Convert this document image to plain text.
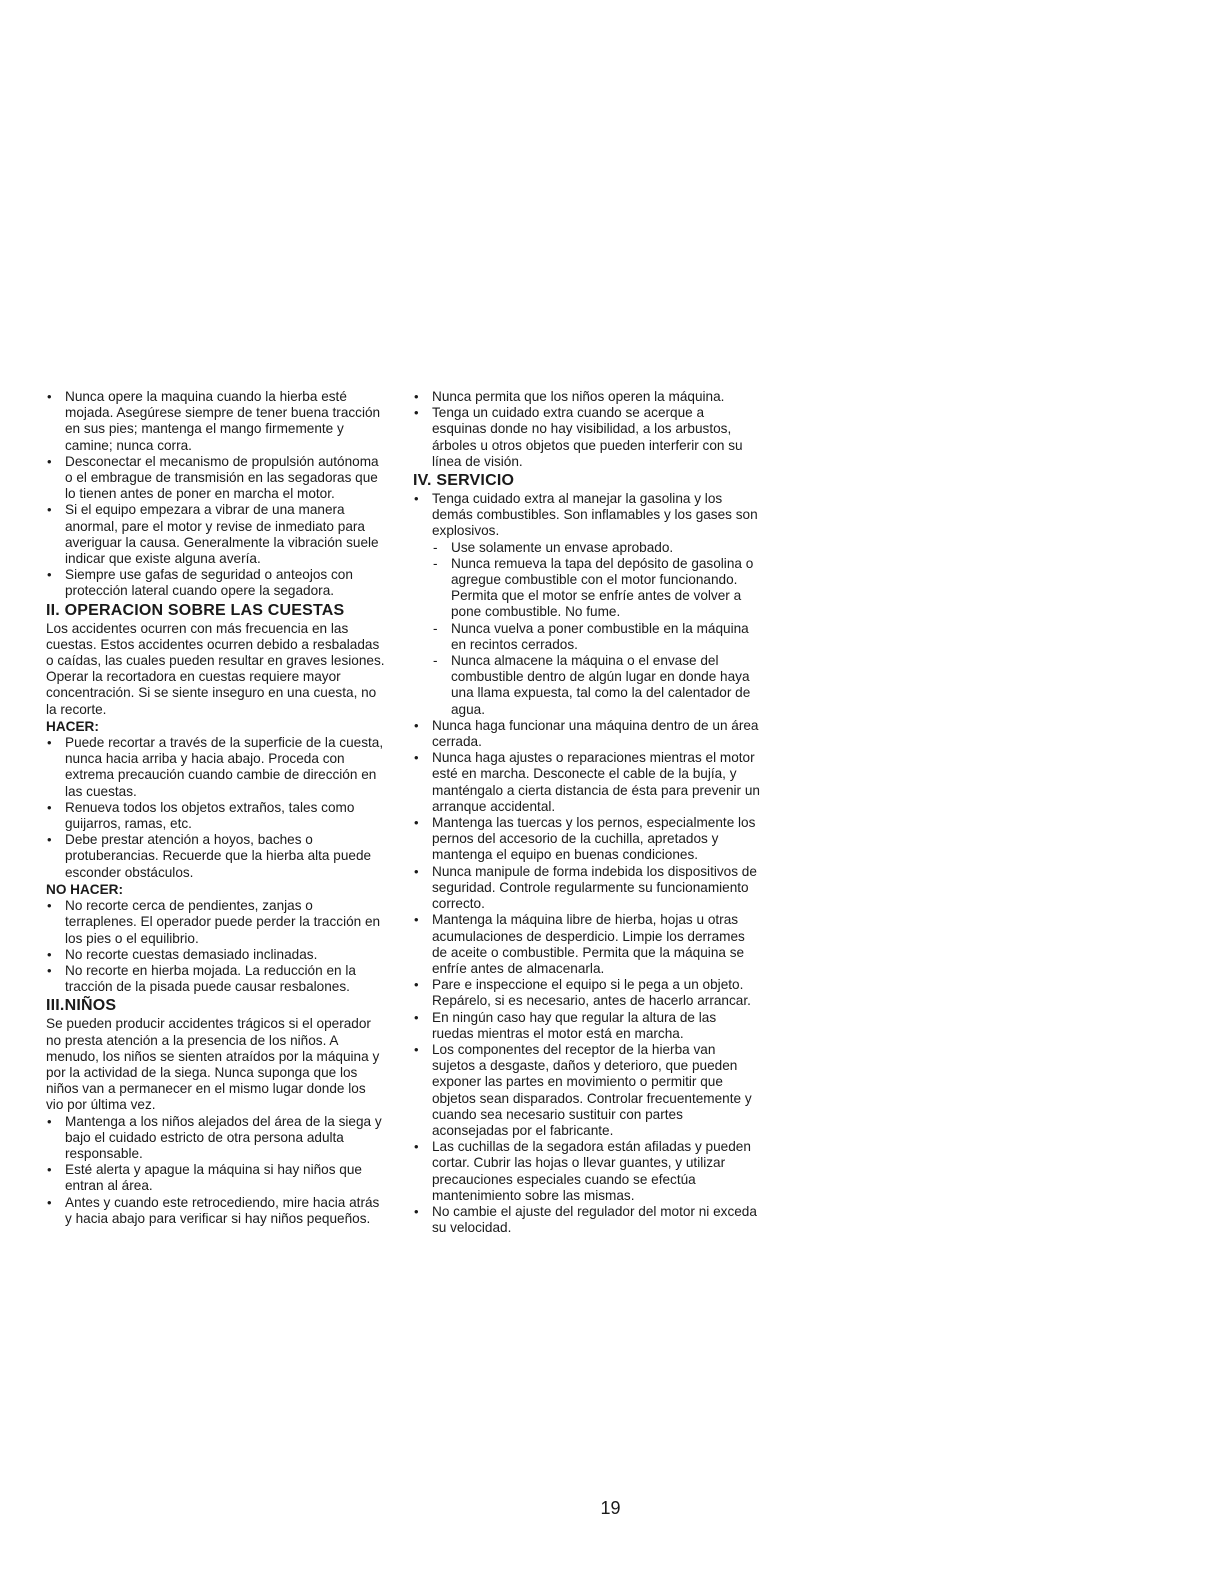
• Nunca opere la maquina cuando la hierba esté mojada. Asegúrese siempre de tener buena tracción en sus pies; mantenga el mango firmemente y camine; nunca corra.
• Desconectar el mecanismo de propulsión autónoma o el embrague de transmisión en las segadoras que lo tienen antes de poner en marcha el motor.
• Si el equipo empezara a vibrar de una manera anormal, pare el motor y revise de inmediato para averiguar la causa. Generalmente la vibración suele indicar que existe alguna avería.
• Siempre use gafas de seguridad o anteojos con protección lateral cuando opere la segadora.
II. OPERACION SOBRE LAS CUESTAS

Los accidentes ocurren con más frecuencia en las cuestas. Estos accidentes ocurren debido a resbaladas o caídas, las cuales pueden resultar en graves lesiones. Operar la recortadora en cuestas requiere mayor concentración. Si se siente inseguro en una cuesta, no la recorte.

HACER:
• Puede recortar a través de la superficie de la cuesta, nunca hacia arriba y hacia abajo. Proceda con extrema precaución cuando cambie de dirección en las cuestas.
• Renueva todos los objetos extraños, tales como guijarros, ramas, etc.
• Debe prestar atención a hoyos, baches o protuberancias. Recuerde que la hierba alta puede esconder obstáculos.
NO HACER:
• No recorte cerca de pendientes, zanjas o terraplenes. El operador puede perder la tracción en los pies o el equilibrio.
• No recorte cuestas demasiado inclinadas.
• No recorte en hierba mojada. La reducción en la tracción de la pisada puede causar resbalones.
III.NIÑOS

Se pueden producir accidentes trágicos si el operador no presta atención a la presencia de los niños. A menudo, los niños se sienten atraídos por la máquina y por la actividad de la siega. Nunca suponga que los niños van a permanecer en el mismo lugar donde los vio por última vez.

• Mantenga a los niños alejados del área de la siega y bajo el cuidado estricto de otra persona adulta responsable.
• Esté alerta y apague la máquina si hay niños que entran al área.
• Antes y cuando este retrocediendo, mire hacia atrás y hacia abajo para verificar si hay niños pequeños.
• Nunca permita que los niños operen la máquina.
• Tenga un cuidado extra cuando se acerque a esquinas donde no hay visibilidad, a los arbustos, árboles u otros objetos que pueden interferir con su línea de visión.
IV. SERVICIO
• Tenga cuidado extra al manejar la gasolina y los demás combustibles. Son inflamables y los gases son explosivos.
- Use solamente un envase aprobado.
- Nunca remueva la tapa del depósito de gasolina o agregue combustible con el motor funcionando. Permita que el motor se enfríe antes de volver a pone combustible. No fume.
- Nunca vuelva a poner combustible en la máquina en recintos cerrados.
- Nunca almacene la máquina o el envase del combustible dentro de algún lugar en donde haya una llama expuesta, tal como la del calentador de agua.
• Nunca haga funcionar una máquina dentro de un área cerrada.
• Nunca haga ajustes o reparaciones mientras el motor esté en marcha. Desconecte el cable de la bujía, y manténgalo a cierta distancia de ésta para prevenir un arranque accidental.
• Mantenga las tuercas y los pernos, especialmente los pernos del accesorio de la cuchilla, apretados y mantenga el equipo en buenas condiciones.
• Nunca manipule de forma indebida los dispositivos de seguridad. Controle regularmente su funcionamiento correcto.
• Mantenga la máquina libre de hierba, hojas u otras acumulaciones de desperdicio. Limpie los derrames de aceite o combustible. Permita que la máquina se enfríe antes de almacenarla.
• Pare e inspeccione el equipo si le pega a un objeto. Repárelo, si es necesario, antes de hacerlo arrancar.
• En ningún caso hay que regular la altura de las ruedas mientras el motor está en marcha.
• Los componentes del receptor de la hierba van sujetos a desgaste, daños y deterioro, que pueden exponer las partes en movimiento o permitir que objetos sean disparados. Controlar frecuentemente y cuando sea necesario sustituir con partes aconsejadas por el fabricante.
• Las cuchillas de la segadora están afiladas y pueden cortar. Cubrir las hojas o llevar guantes, y utilizar precauciones especiales cuando se efectúa mantenimiento sobre las mismas.
• No cambie el ajuste del regulador del motor ni exceda su velocidad.
19
